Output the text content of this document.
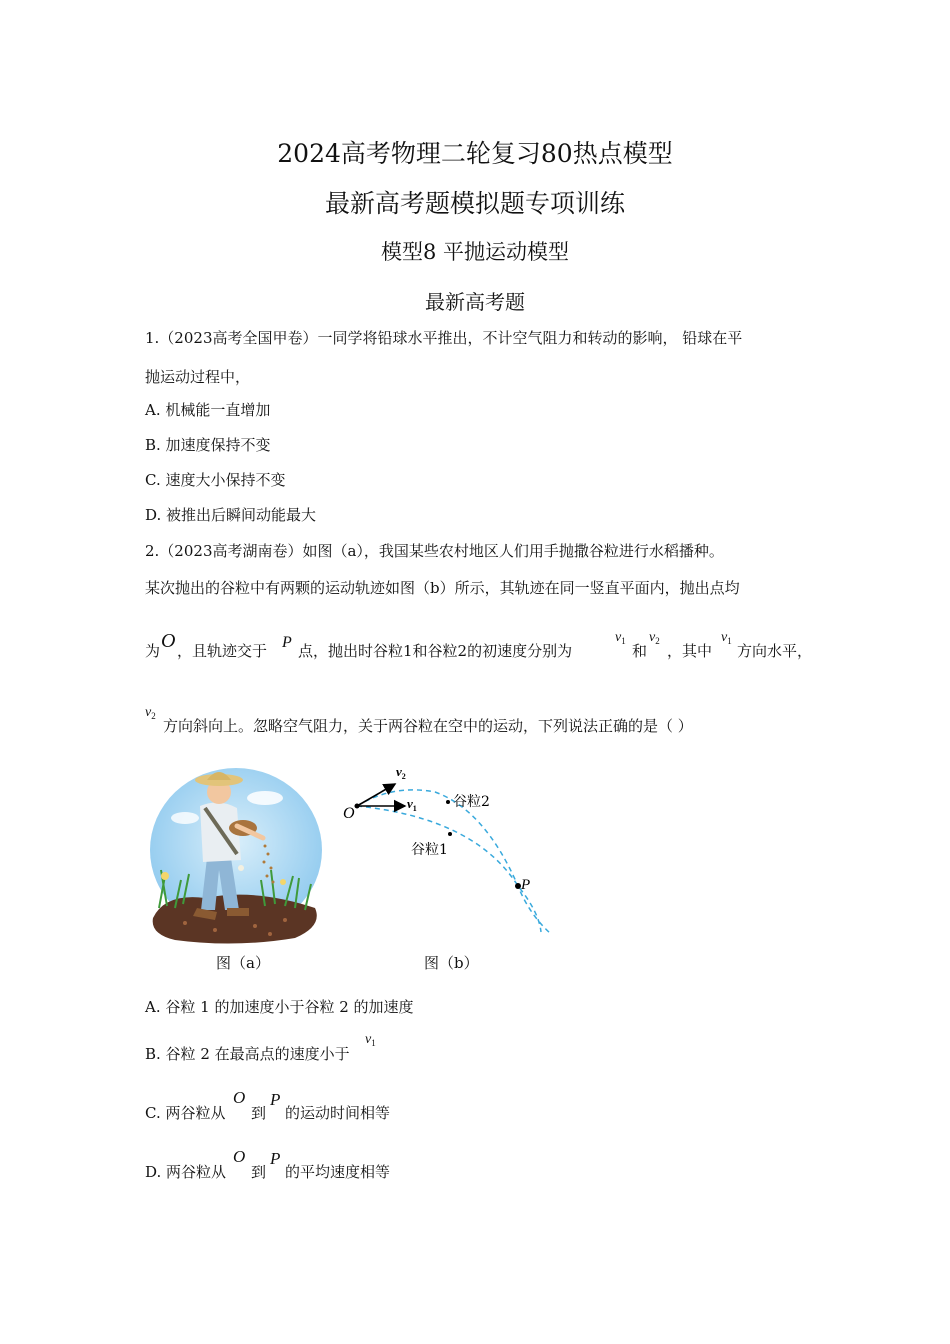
2024高考物理二轮复习80热点模型
最新高考题模拟题专项训练
模型8 平抛运动模型
最新高考题
1.（2023高考全国甲卷）一同学将铅球水平推出，不计空气阻力和转动的影响， 铅球在平
抛运动过程中，
A. 机械能一直增加
B. 加速度保持不变
C. 速度大小保持不变
D. 被推出后瞬间动能最大
2.（2023高考湖南卷）如图（a），我国某些农村地区人们用手抛撒谷粒进行水稻播种。
某次抛出的谷粒中有两颗的运动轨迹如图（b）所示，其轨迹在同一竖直平面内，抛出点均
为 O ，且轨迹交于 P 点，抛出时谷粒1和谷粒2的初速度分别为
$v_1$
和
$v_2$
，其中
$v_1$
方向水平，
$v_2$
方向斜向上。忽略空气阻力，关于两谷粒在空中的运动，下列说法正确的是（ ）
图（a）
O
$v_2$
$v_1$	谷粒2
谷粒1
P
图（b）
A. 谷粒 1 的加速度小于谷粒 2 的加速度
B. 谷粒 2 在最高点的速度小于
$v_1$
C. 两谷粒从
O
到
P
的运动时间相等
D. 两谷粒从
O
到
P
的平均速度相等
